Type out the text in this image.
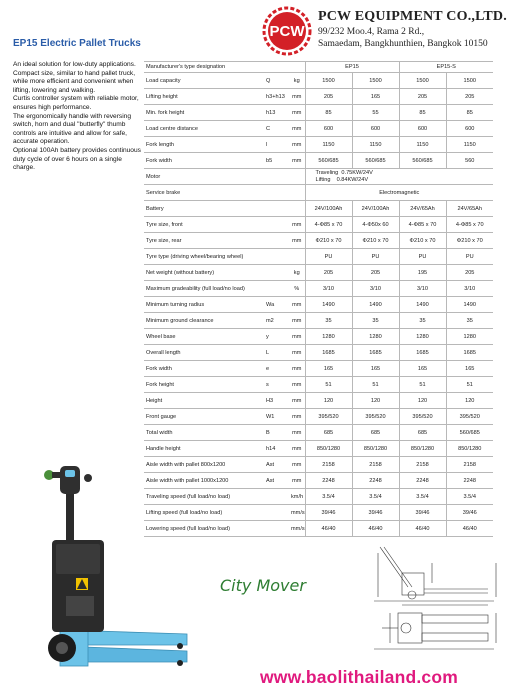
PCW
PCW EQUIPMENT CO.,LTD.
99/232 Moo.4, Rama 2 Rd.,
Samaedam, Bangkhunthien, Bangkok 10150
EP15 Electric Pallet Trucks

An ideal solution for low-duty applications.

Compact size, similar to hand pallet truck, while more efficient and convenient when lifting, lowering and walking.

Curtis controller system with reliable motor, ensures high performance.

The ergonomically handle with reversing switch, horn and dual "butterfly" thumb controls are intuitive and allow for safe, accurate operation.

Optional 100Ah battery provides continuous duty cycle of over 6 hours on a single charge.

Manufacturer's type designation			EP15		EP15-S	
Load capacity	Q	kg	1500	1500	1500	1500
Lifting height	h3+h13	mm	205	165	205	205
Min. fork height	h13	mm	85	55	85	85
Load centre distance	C	mm	600	600	600	600
Fork length	l	mm	1150	1150	1150	1150
Fork width	b5	mm	560/685	560/685	560/685	560
Motor			Traveling  0.75KW/24V
Lifting    0.84KW/24V			

Service brake			Electromagnetic			
Battery			24V/100Ah	24V/100Ah	24V/65Ah	24V/65Ah
Tyre size, front		mm	4-Φ85 x 70	4-Φ50x 60	4-Φ85 x 70	4-Φ85 x 70
Tyre size, rear		mm	Φ210 x 70	Φ210 x 70	Φ210 x 70	Φ210 x 70
Tyre type (driving wheel/bearing wheel)			PU	PU	PU	PU
Net weight (without battery)		kg	205	205	195	205
Maximum gradeability (full load/no load)		%	3/10	3/10	3/10	3/10
Minimum turning radius	Wa	mm	1490	1490	1490	1490
Minimum ground clearance	m2	mm	35	35	35	35
Wheel base	y	mm	1280	1280	1280	1280
Overall length	L	mm	1685	1685	1685	1685
Fork width	e	mm	165	165	165	165
Fork height	s	mm	51	51	51	51
Height	H3	mm	120	120	120	120
Front gauge	W1	mm	395/520	395/520	395/520	395/520
Total width	B	mm	685	685	685	560/685
Handle height	h14	mm	850/1280	850/1280	850/1280	850/1280
Aisle width with pallet 800x1200	Ast	mm	2158	2158	2158	2158
Aisle width with pallet 1000x1200	Ast	mm	2248	2248	2248	2248
Traveling speed (full load/no load)		km/h	3.5/4	3.5/4	3.5/4	3.5/4
Lifting speed (full load/no load)		mm/s	39/46	39/46	39/46	39/46
Lowering speed (full load/no load)		mm/s	46/40	46/40	46/40	46/40
City Mover
www.baolithailand.com
